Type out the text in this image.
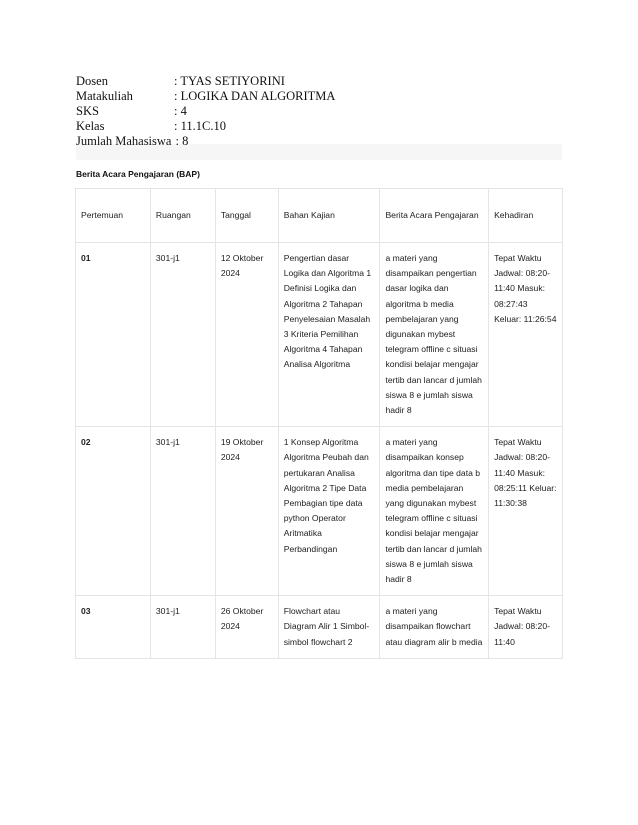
Dosen	: TYAS SETIYORINI
Matakuliah	: LOGIKA DAN ALGORITMA
SKS	: 4
Kelas	: 11.1C.10
Jumlah Mahasiswa : 8
Berita Acara Pengajaran (BAP)
Pertemuan	Ruangan	Tanggal	Bahan Kajian	Berita Acara Pengajaran	Kehadiran
01	301-j1	12 Oktober 2024	Pengertian dasar Logika dan Algoritma 1 Definisi Logika dan Algoritma 2 Tahapan Penyelesaian Masalah 3 Kriteria Pemilihan Algoritma 4 Tahapan Analisa Algoritma	a materi yang disampaikan pengertian dasar logika dan algoritma b media pembelajaran yang digunakan mybest telegram offline c situasi kondisi belajar mengajar tertib dan lancar d jumlah siswa 8 e jumlah siswa hadir 8	Tepat Waktu Jadwal: 08:20-11:40 Masuk: 08:27:43 Keluar: 11:26:54
02	301-j1	19 Oktober 2024	1 Konsep Algoritma Algoritma Peubah dan pertukaran Analisa Algoritma 2 Tipe Data Pembagian tipe data python Operator Aritmatika Perbandingan	a materi yang disampaikan konsep algoritma dan tipe data b media pembelajaran yang digunakan mybest telegram offline c situasi kondisi belajar mengajar tertib dan lancar d jumlah siswa 8 e jumlah siswa hadir 8	Tepat Waktu Jadwal: 08:20-11:40 Masuk: 08:25:11 Keluar: 11:30:38
03	301-j1	26 Oktober 2024	Flowchart atau Diagram Alir 1 Simbol-simbol flowchart 2	a materi yang disampaikan flowchart atau diagram alir b media	Tepat Waktu Jadwal: 08:20-11:40
